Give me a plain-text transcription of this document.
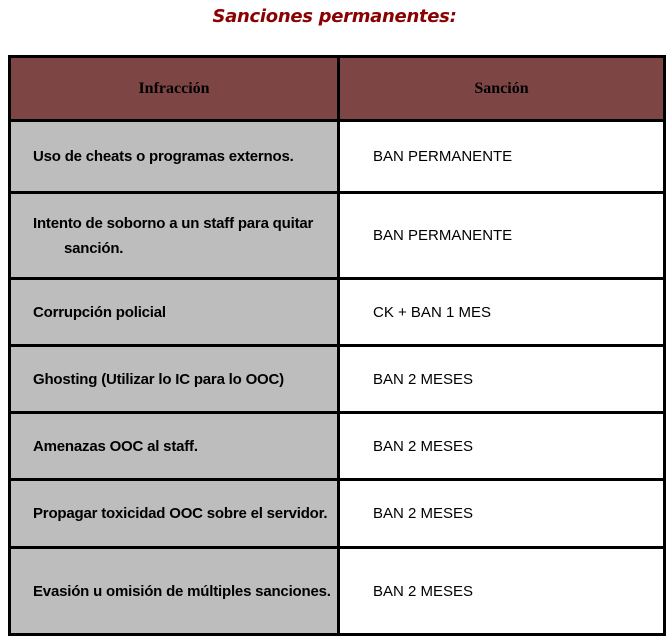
Sanciones permanentes:
Infracción	Sanción
Uso de cheats o programas externos.	BAN PERMANENTE
Intento de soborno a un staff para quitar sanción.	BAN PERMANENTE
Corrupción policial	CK + BAN 1 MES
Ghosting (Utilizar lo IC para lo OOC)	BAN 2 MESES
Amenazas OOC al staff.	BAN 2 MESES
Propagar toxicidad OOC sobre el servidor.	BAN 2 MESES
Evasión u omisión de múltiples sanciones.	BAN 2 MESES
